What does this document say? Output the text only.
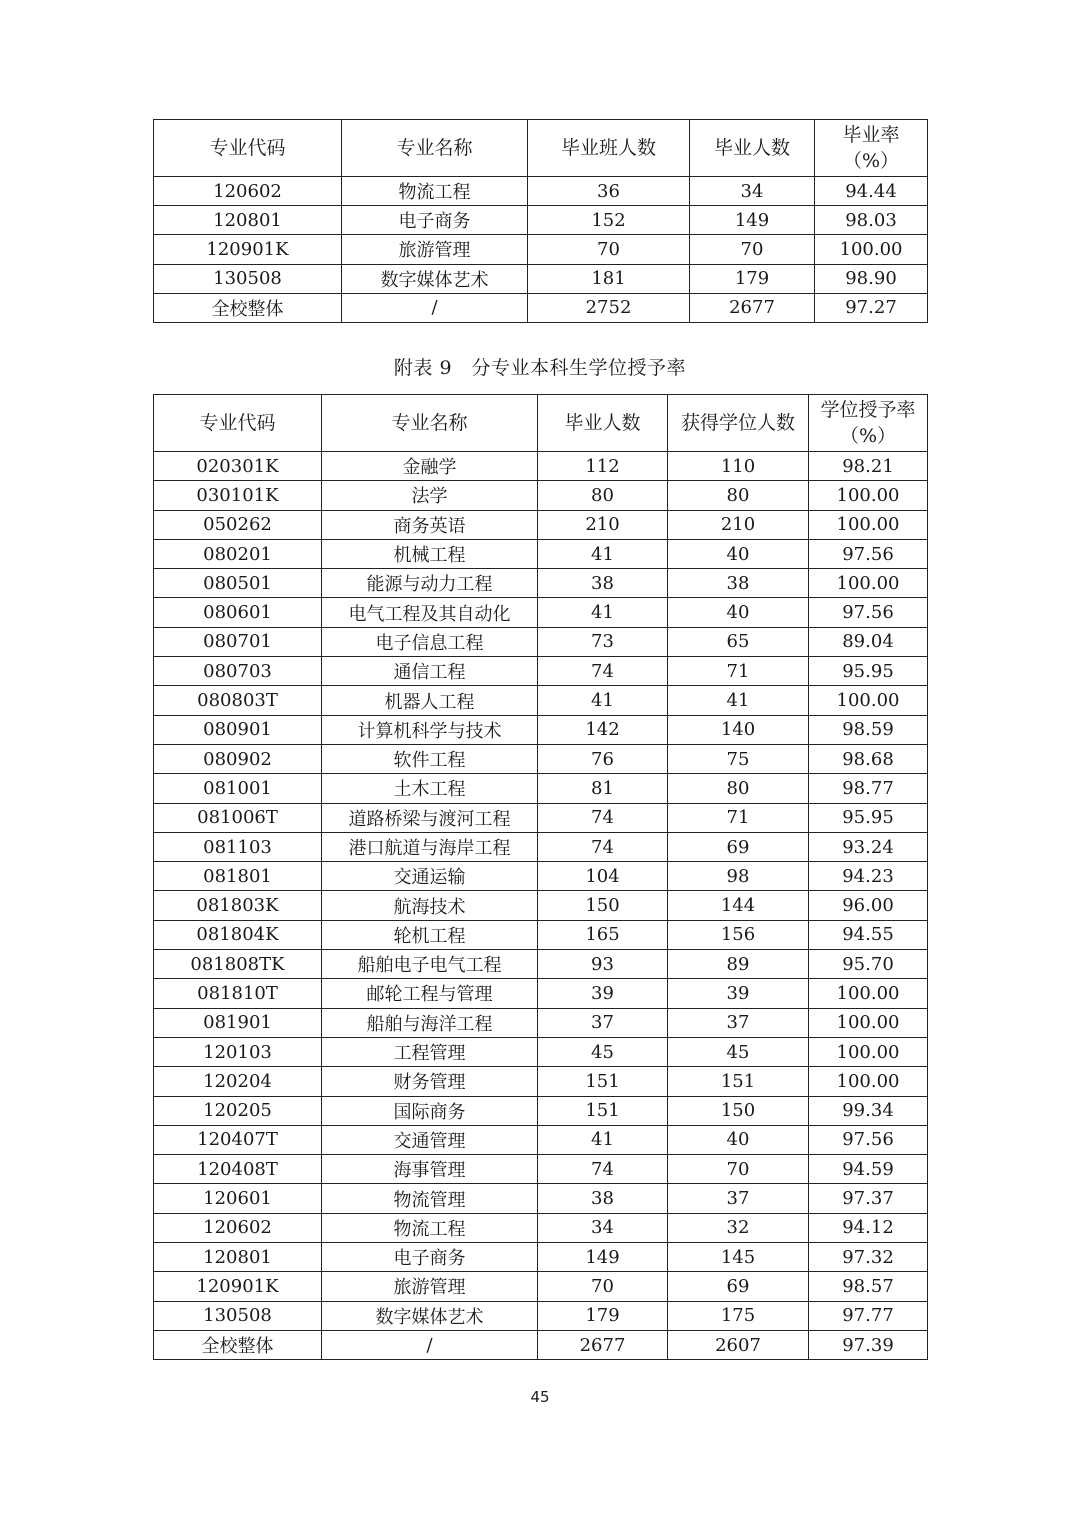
专业代码	专业名称	毕业班人数	毕业人数	毕业率
（%）

120602	物流工程	36	34	94.44
120801	电子商务	152	149	98.03
120901K	旅游管理	70	70	100.00
130508	数字媒体艺术	181	179	98.90
全校整体	/	2752	2677	97.27
附表 9　分专业本科生学位授予率
专业代码	专业名称	毕业人数	获得学位人数	学位授予率
（%）

020301K	金融学	112	110	98.21
030101K	法学	80	80	100.00
050262	商务英语	210	210	100.00
080201	机械工程	41	40	97.56
080501	能源与动力工程	38	38	100.00
080601	电气工程及其自动化	41	40	97.56
080701	电子信息工程	73	65	89.04
080703	通信工程	74	71	95.95
080803T	机器人工程	41	41	100.00
080901	计算机科学与技术	142	140	98.59
080902	软件工程	76	75	98.68
081001	土木工程	81	80	98.77
081006T	道路桥梁与渡河工程	74	71	95.95
081103	港口航道与海岸工程	74	69	93.24
081801	交通运输	104	98	94.23
081803K	航海技术	150	144	96.00
081804K	轮机工程	165	156	94.55
081808TK	船舶电子电气工程	93	89	95.70
081810T	邮轮工程与管理	39	39	100.00
081901	船舶与海洋工程	37	37	100.00
120103	工程管理	45	45	100.00
120204	财务管理	151	151	100.00
120205	国际商务	151	150	99.34
120407T	交通管理	41	40	97.56
120408T	海事管理	74	70	94.59
120601	物流管理	38	37	97.37
120602	物流工程	34	32	94.12
120801	电子商务	149	145	97.32
120901K	旅游管理	70	69	98.57
130508	数字媒体艺术	179	175	97.77
全校整体	/	2677	2607	97.39
45
